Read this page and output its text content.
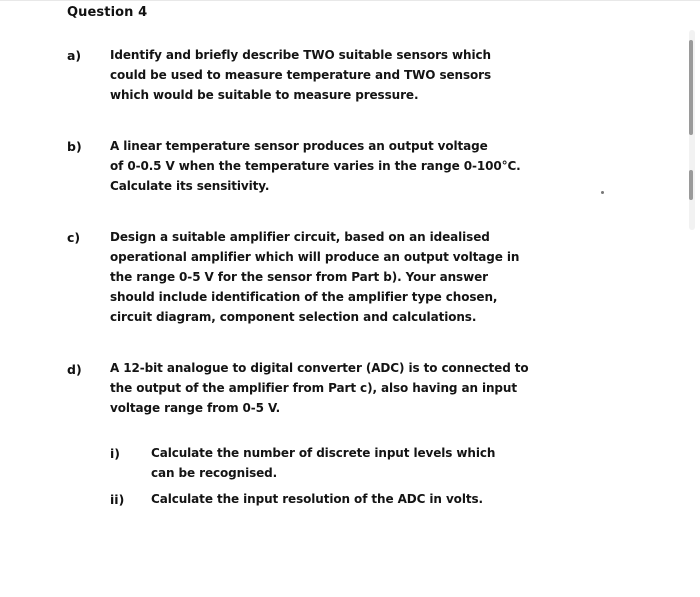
Question 4
a) Identify and briefly describe TWO suitable sensors which
could be used to measure temperature and TWO sensors
which would be suitable to measure pressure.
b) A linear temperature sensor produces an output voltage
of 0-0.5 V when the temperature varies in the range 0-100°C.
Calculate its sensitivity.
c) Design a suitable amplifier circuit, based on an idealised
operational amplifier which will produce an output voltage in
the range 0-5 V for the sensor from Part b). Your answer
should include identification of the amplifier type chosen,
circuit diagram, component selection and calculations.
d) A 12-bit analogue to digital converter (ADC) is to connected to
the output of the amplifier from Part c), also having an input
voltage range from 0-5 V.
i)	Calculate the number of discrete input levels which
can be recognised.
ii) Calculate the input resolution of the ADC in volts.
